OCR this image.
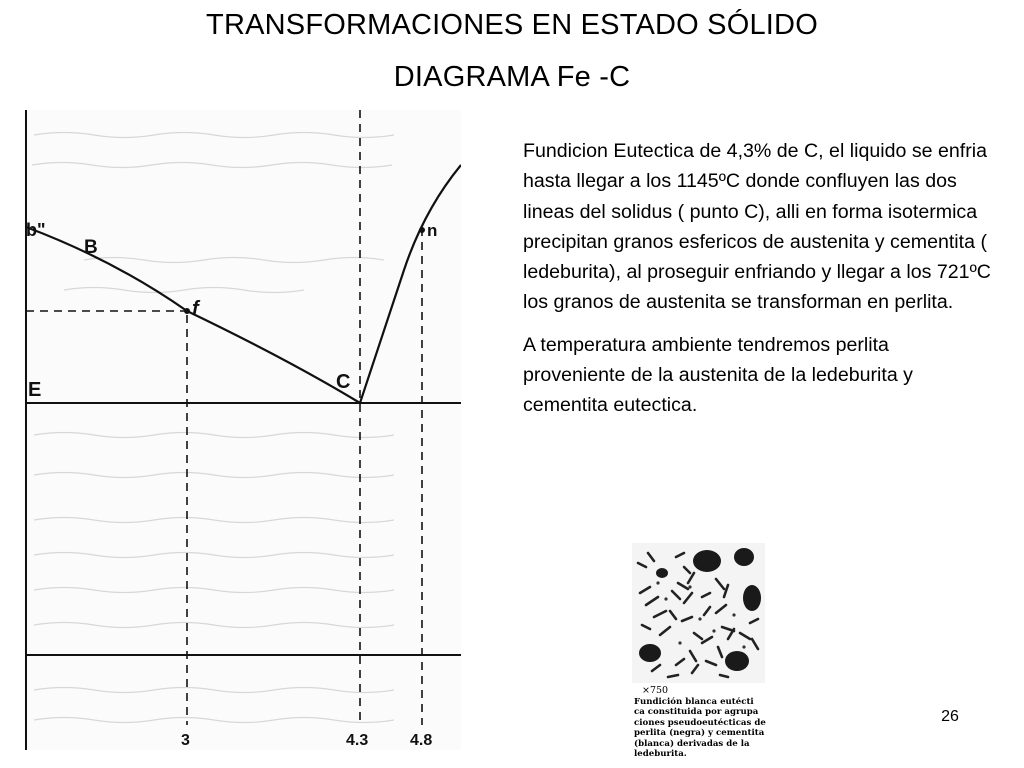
TRANSFORMACIONES EN ESTADO SÓLIDO
DIAGRAMA Fe -C
b"
B
f
n
C
E
3	4.3	4.8

Fundicion Eutectica de 4,3% de C, el liquido se enfria hasta llegar a los 1145ºC donde confluyen las dos lineas del solidus ( punto C), alli en forma isotermica precipitan granos esfericos de austenita y cementita ( ledeburita), al proseguir enfriando y llegar a los 721ºC los granos de austenita se transforman en perlita.

A temperatura ambiente tendremos perlita proveniente de la austenita de la ledeburita y cementita eutectica.

×750
Fundición blanca eutécti
ca constituida por agrupa
ciones pseudoeutécticas de
perlita (negra) y cementita
(blanca) derivadas de la
ledeburita.
26
